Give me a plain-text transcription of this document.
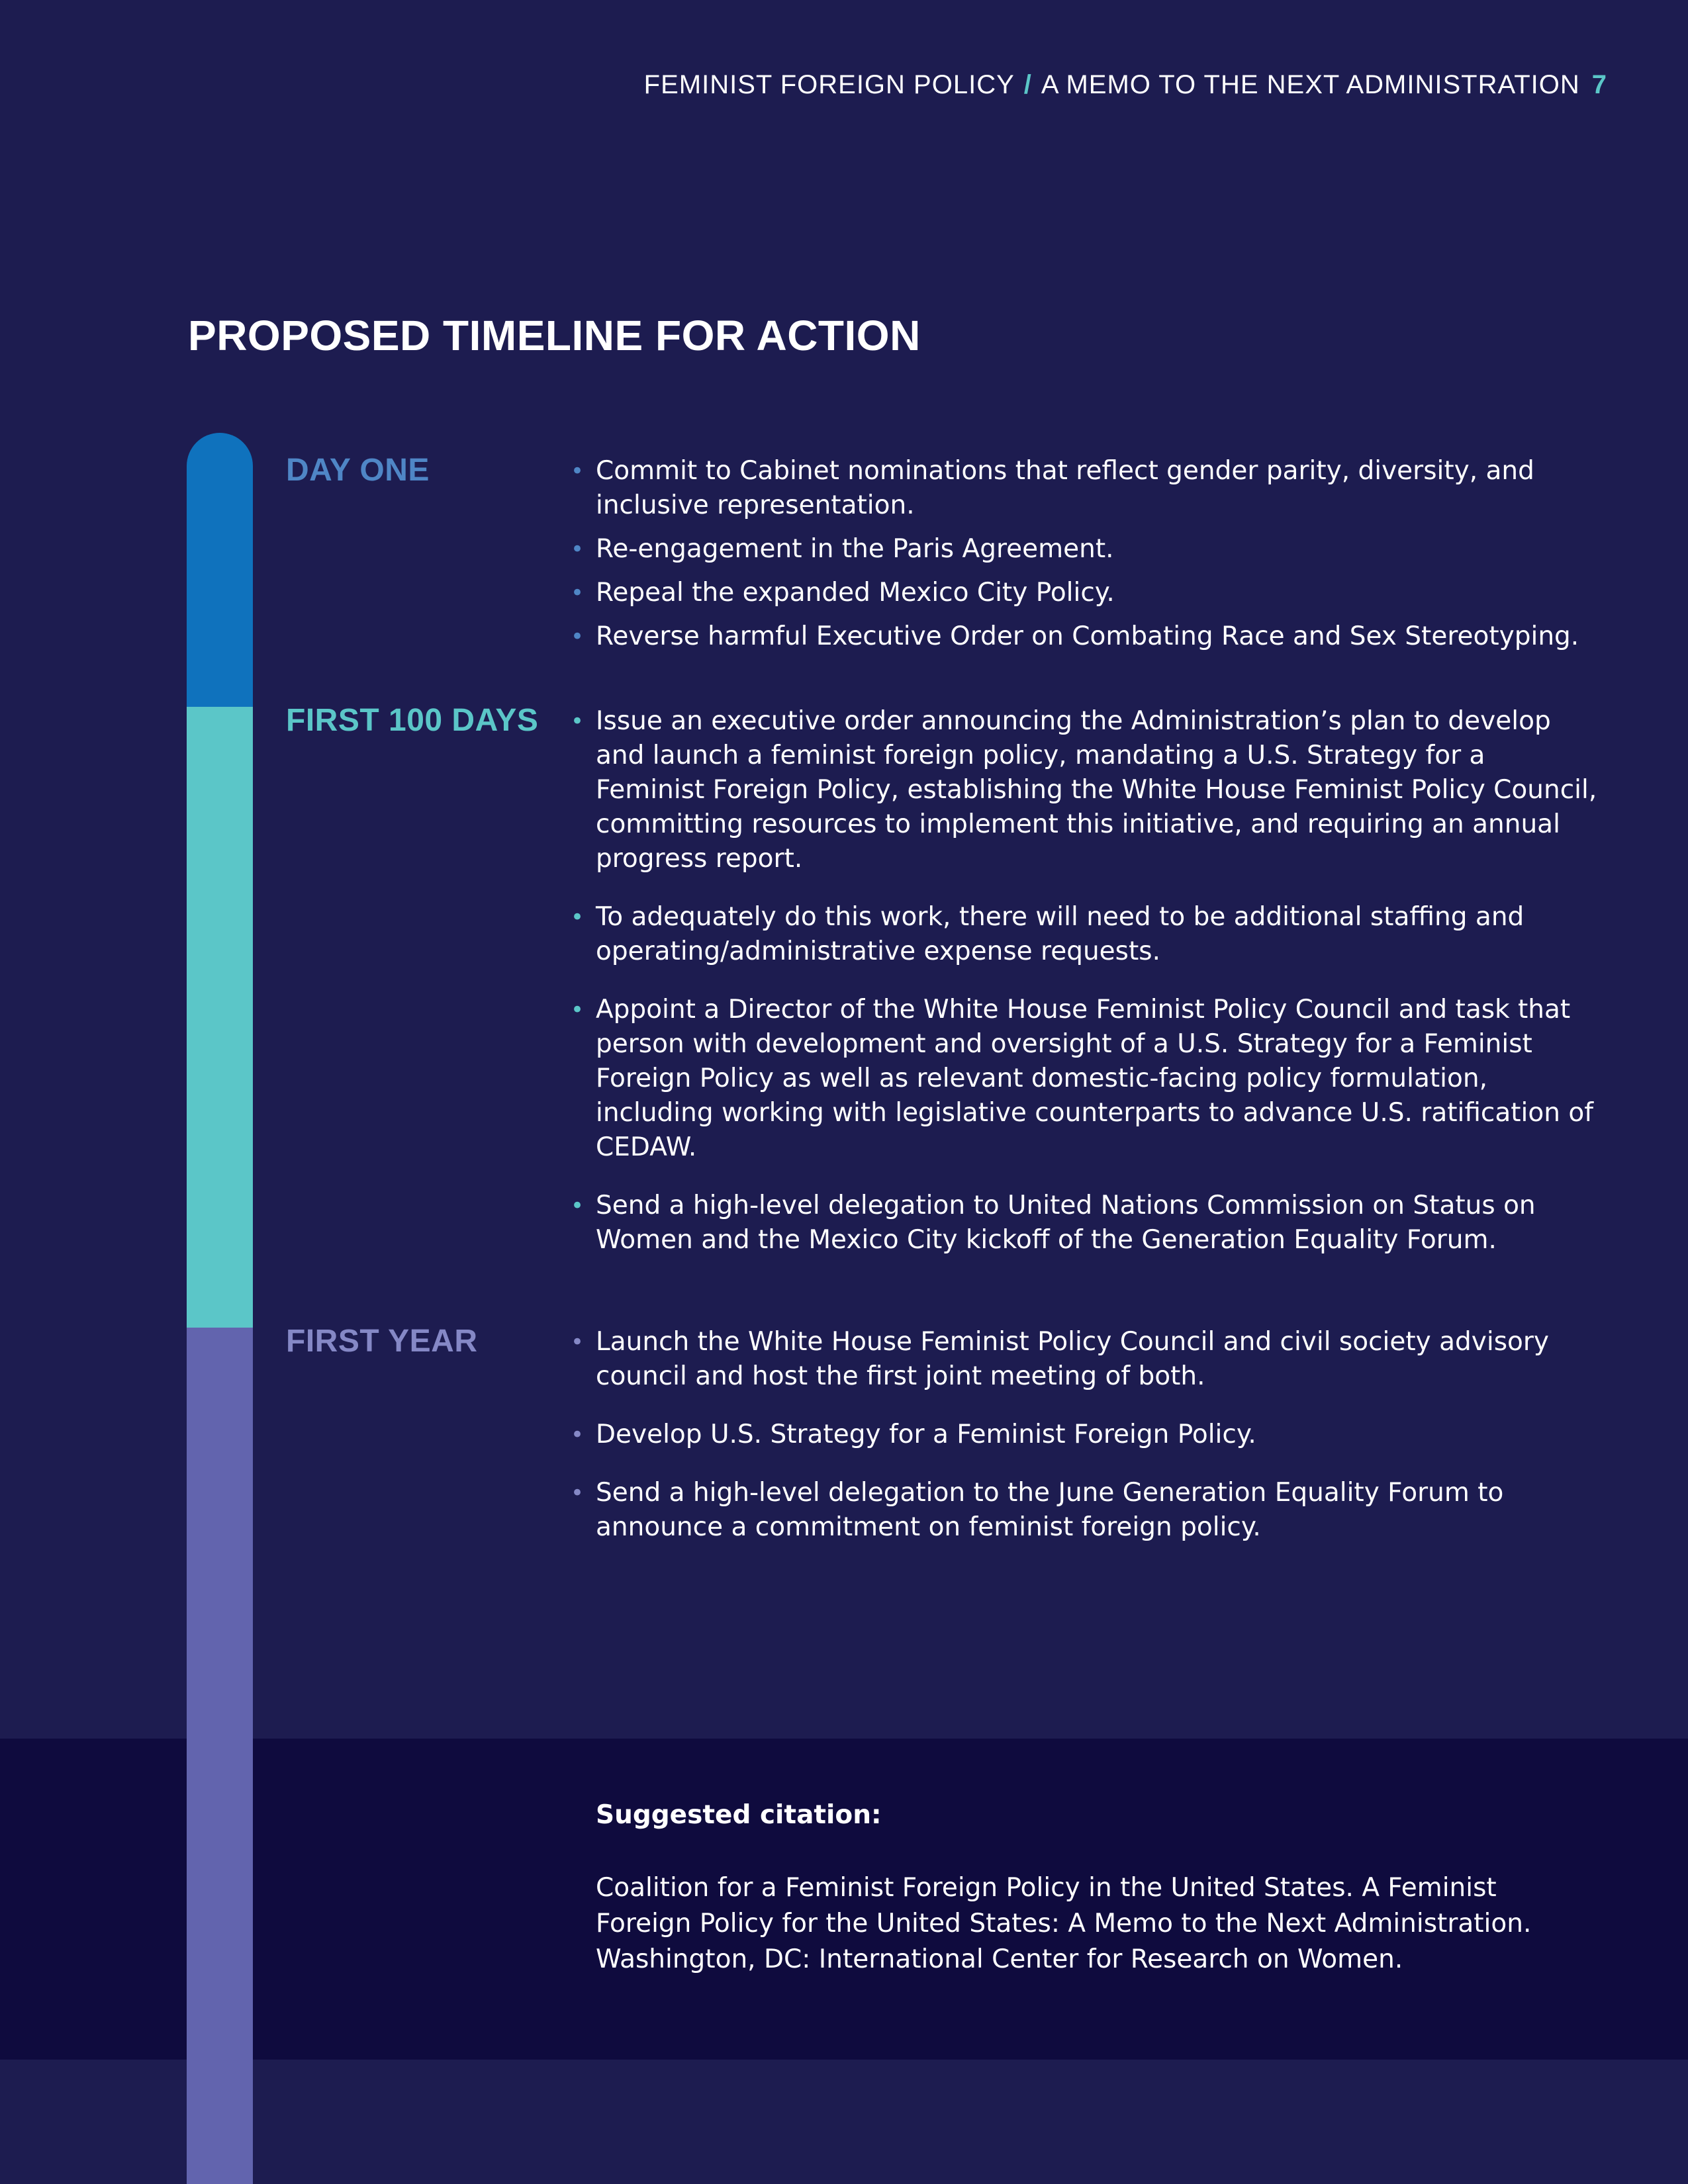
FEMINIST FOREIGN POLICY / A MEMO TO THE NEXT ADMINISTRATION 7
PROPOSED TIMELINE FOR ACTION
DAY ONE	• Commit to Cabinet nominations that reflect gender parity, diversity, and inclusive representation.
• Re-engagement in the Paris Agreement.
• Repeal the expanded Mexico City Policy.
• Reverse harmful Executive Order on Combating Race and Sex Stereotyping.
FIRST 100 DAYS • Issue an executive order announcing the Administration’s plan to develop and launch a feminist foreign policy, mandating a U.S. Strategy for a Feminist Foreign Policy, establishing the White House Feminist Policy Council, committing resources to implement this initiative, and requiring an annual progress report.
• To adequately do this work, there will need to be additional staffing and operating/administrative expense requests.
• Appoint a Director of the White House Feminist Policy Council and task that person with development and oversight of a U.S. Strategy for a Feminist Foreign Policy as well as relevant domestic-facing policy formulation, including working with legislative counterparts to advance U.S. ratification of CEDAW.
• Send a high-level delegation to United Nations Commission on Status on Women and the Mexico City kickoff of the Generation Equality Forum.
FIRST YEAR	• Launch the White House Feminist Policy Council and civil society advisory council and host the first joint meeting of both.
• Develop U.S. Strategy for a Feminist Foreign Policy.
• Send a high-level delegation to the June Generation Equality Forum to announce a commitment on feminist foreign policy.
Suggested citation:
Coalition for a Feminist Foreign Policy in the United States. A Feminist
Foreign Policy for the United States: A Memo to the Next Administration.
Washington, DC: International Center for Research on Women.
